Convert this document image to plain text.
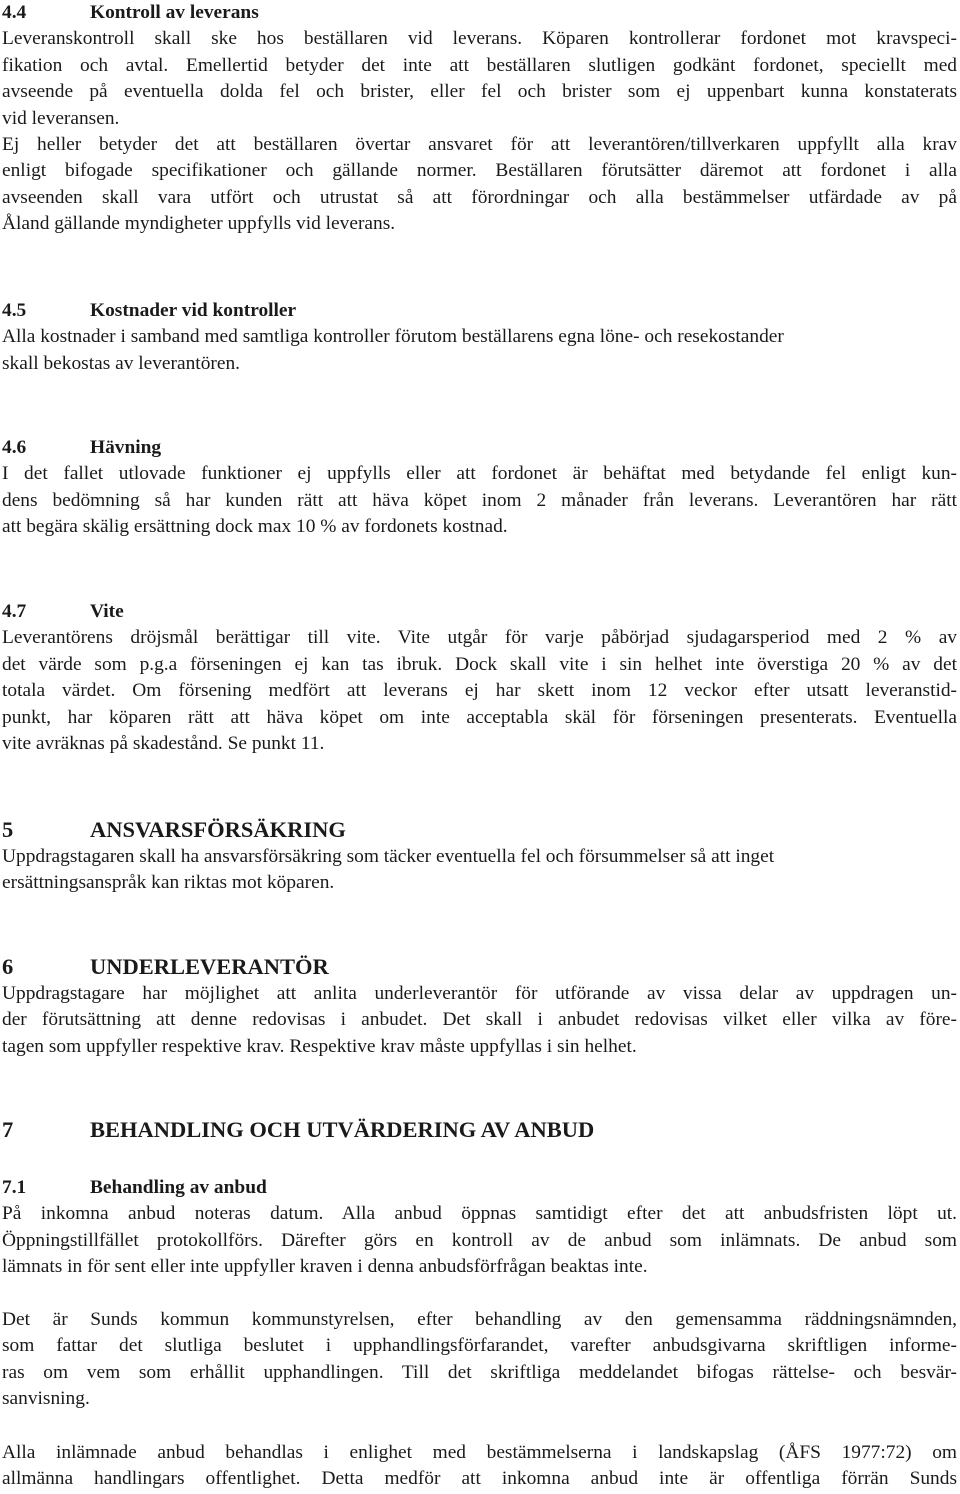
4.4	Kontroll av leverans
Leveranskontroll skall ske hos beställaren vid leverans. Köparen kontrollerar fordonet mot kravspeci-
fikation och avtal. Emellertid betyder det inte att beställaren slutligen godkänt fordonet, speciellt med
avseende på eventuella dolda fel och brister, eller fel och brister som ej uppenbart kunna konstaterats
vid leveransen.
Ej heller betyder det att beställaren övertar ansvaret för att leverantören/tillverkaren uppfyllt alla krav
enligt bifogade specifikationer och gällande normer. Beställaren förutsätter däremot att fordonet i alla
avseenden skall vara utfört och utrustat så att förordningar och alla bestämmelser utfärdade av på
Åland gällande myndigheter uppfylls vid leverans.
4.5	Kostnader vid kontroller
Alla kostnader i samband med samtliga kontroller förutom beställarens egna löne- och resekostander
skall bekostas av leverantören.
4.6	Hävning
I det fallet utlovade funktioner ej uppfylls eller att fordonet är behäftat med betydande fel enligt kun-
dens bedömning så har kunden rätt att häva köpet inom 2 månader från leverans. Leverantören har rätt
att begära skälig ersättning dock max 10 % av fordonets kostnad.
4.7	Vite
Leverantörens dröjsmål berättigar till vite. Vite utgår för varje påbörjad sjudagarsperiod med 2 % av
det värde som p.g.a förseningen ej kan tas ibruk. Dock skall vite i sin helhet inte överstiga 20 % av det
totala värdet. Om försening medfört att leverans ej har skett inom 12 veckor efter utsatt leveranstid-
punkt, har köparen rätt att häva köpet om inte acceptabla skäl för förseningen presenterats. Eventuella
vite avräknas på skadestånd. Se punkt 11.
5	ANSVARSFÖRSÄKRING
Uppdragstagaren skall ha ansvarsförsäkring som täcker eventuella fel och försummelser så att inget
ersättningsanspråk kan riktas mot köparen.
6	UNDERLEVERANTÖR
Uppdragstagare har möjlighet att anlita underleverantör för utförande av vissa delar av uppdragen un-
der förutsättning att denne redovisas i anbudet. Det skall i anbudet redovisas vilket eller vilka av före-
tagen som uppfyller respektive krav. Respektive krav måste uppfyllas i sin helhet.
7	BEHANDLING OCH UTVÄRDERING AV ANBUD
7.1	Behandling av anbud
På inkomna anbud noteras datum. Alla anbud öppnas samtidigt efter det att anbudsfristen löpt ut.
Öppningstillfället protokollförs. Därefter görs en kontroll av de anbud som inlämnats. De anbud som
lämnats in för sent eller inte uppfyller kraven i denna anbudsförfrågan beaktas inte.
Det är Sunds kommun kommunstyrelsen, efter behandling av den gemensamma räddningsnämnden,
som fattar det slutliga beslutet i upphandlingsförfarandet, varefter anbudsgivarna skriftligen informe-
ras om vem som erhållit upphandlingen. Till det skriftliga meddelandet bifogas rättelse- och besvär-
sanvisning.
Alla inlämnade anbud behandlas i enlighet med bestämmelserna i landskapslag (ÅFS 1977:72) om
allmänna handlingars offentlighet. Detta medför att inkomna anbud inte är offentliga förrän Sunds
